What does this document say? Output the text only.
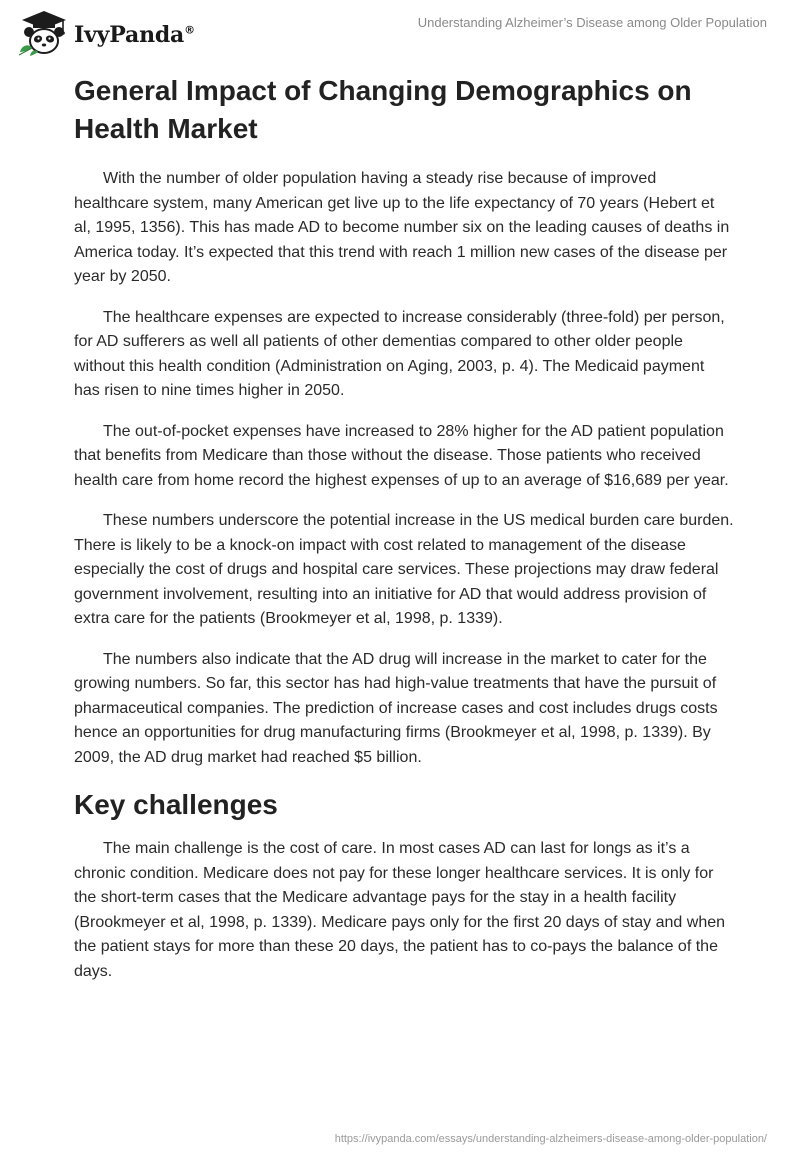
IvyPanda®
Understanding Alzheimer’s Disease among Older Population
General Impact of Changing Demographics on Health Market

With the number of older population having a steady rise because of improved healthcare system, many American get live up to the life expectancy of 70 years (Hebert et al, 1995, 1356). This has made AD to become number six on the leading causes of deaths in America today. It’s expected that this trend with reach 1 million new cases of the disease per year by 2050.

The healthcare expenses are expected to increase considerably (three-fold) per person, for AD sufferers as well all patients of other dementias compared to other older people without this health condition (Administration on Aging, 2003, p. 4). The Medicaid payment has risen to nine times higher in 2050.

The out-of-pocket expenses have increased to 28% higher for the AD patient population that benefits from Medicare than those without the disease. Those patients who received health care from home record the highest expenses of up to an average of $16,689 per year.

These numbers underscore the potential increase in the US medical burden care burden. There is likely to be a knock-on impact with cost related to management of the disease especially the cost of drugs and hospital care services. These projections may draw federal government involvement, resulting into an initiative for AD that would address provision of extra care for the patients (Brookmeyer et al, 1998, p. 1339).

The numbers also indicate that the AD drug will increase in the market to cater for the growing numbers. So far, this sector has had high-value treatments that have the pursuit of pharmaceutical companies. The prediction of increase cases and cost includes drugs costs hence an opportunities for drug manufacturing firms (Brookmeyer et al, 1998, p. 1339). By 2009, the AD drug market had reached $5 billion.

Key challenges

The main challenge is the cost of care. In most cases AD can last for longs as it’s a chronic condition. Medicare does not pay for these longer healthcare services. It is only for the short-term cases that the Medicare advantage pays for the stay in a health facility (Brookmeyer et al, 1998, p. 1339). Medicare pays only for the first 20 days of stay and when the patient stays for more than these 20 days, the patient has to co-pays the balance of the days.

https://ivypanda.com/essays/understanding-alzheimers-disease-among-older-population/
